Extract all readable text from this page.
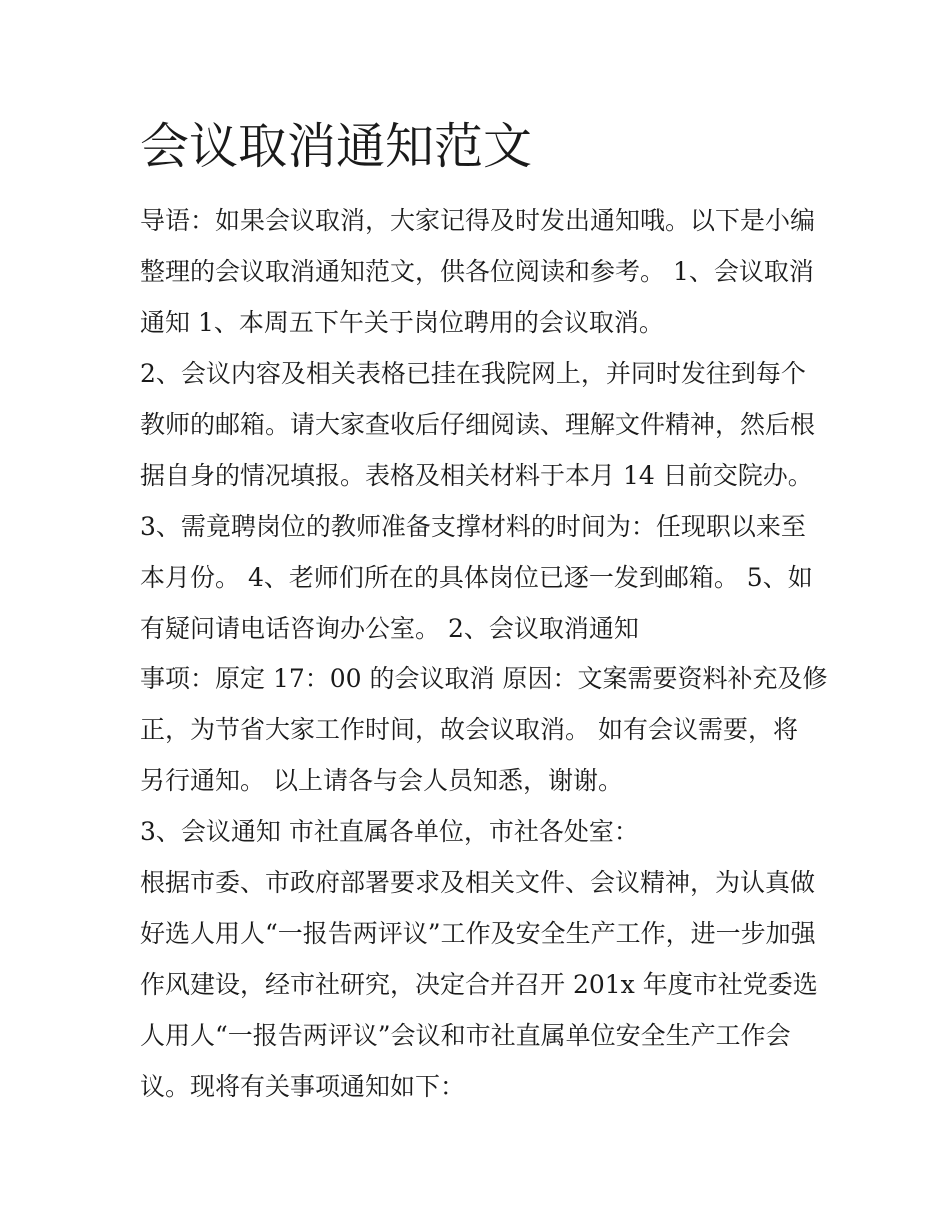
会议取消通知范文

导语：如果会议取消，大家记得及时发出通知哦。以下是小编

整理的会议取消通知范文，供各位阅读和参考。 1、会议取消

通知 1、本周五下午关于岗位聘用的会议取消。

2、会议内容及相关表格已挂在我院网上，并同时发往到每个

教师的邮箱。请大家查收后仔细阅读、理解文件精神，然后根

据自身的情况填报。表格及相关材料于本月 14 日前交院办。

3、需竟聘岗位的教师准备支撑材料的时间为：任现职以来至

本月份。 4、老师们所在的具体岗位已逐一发到邮箱。 5、如

有疑问请电话咨询办公室。 2、会议取消通知

事项：原定 17：00 的会议取消 原因：文案需要资料补充及修

正，为节省大家工作时间，故会议取消。 如有会议需要，将

另行通知。 以上请各与会人员知悉，谢谢。

3、会议通知 市社直属各单位，市社各处室：

根据市委、市政府部署要求及相关文件、会议精神，为认真做

好选人用人“一报告两评议”工作及安全生产工作，进一步加强

作风建设，经市社研究，决定合并召开 201x 年度市社党委选

人用人“一报告两评议”会议和市社直属单位安全生产工作会

议。现将有关事项通知如下：
